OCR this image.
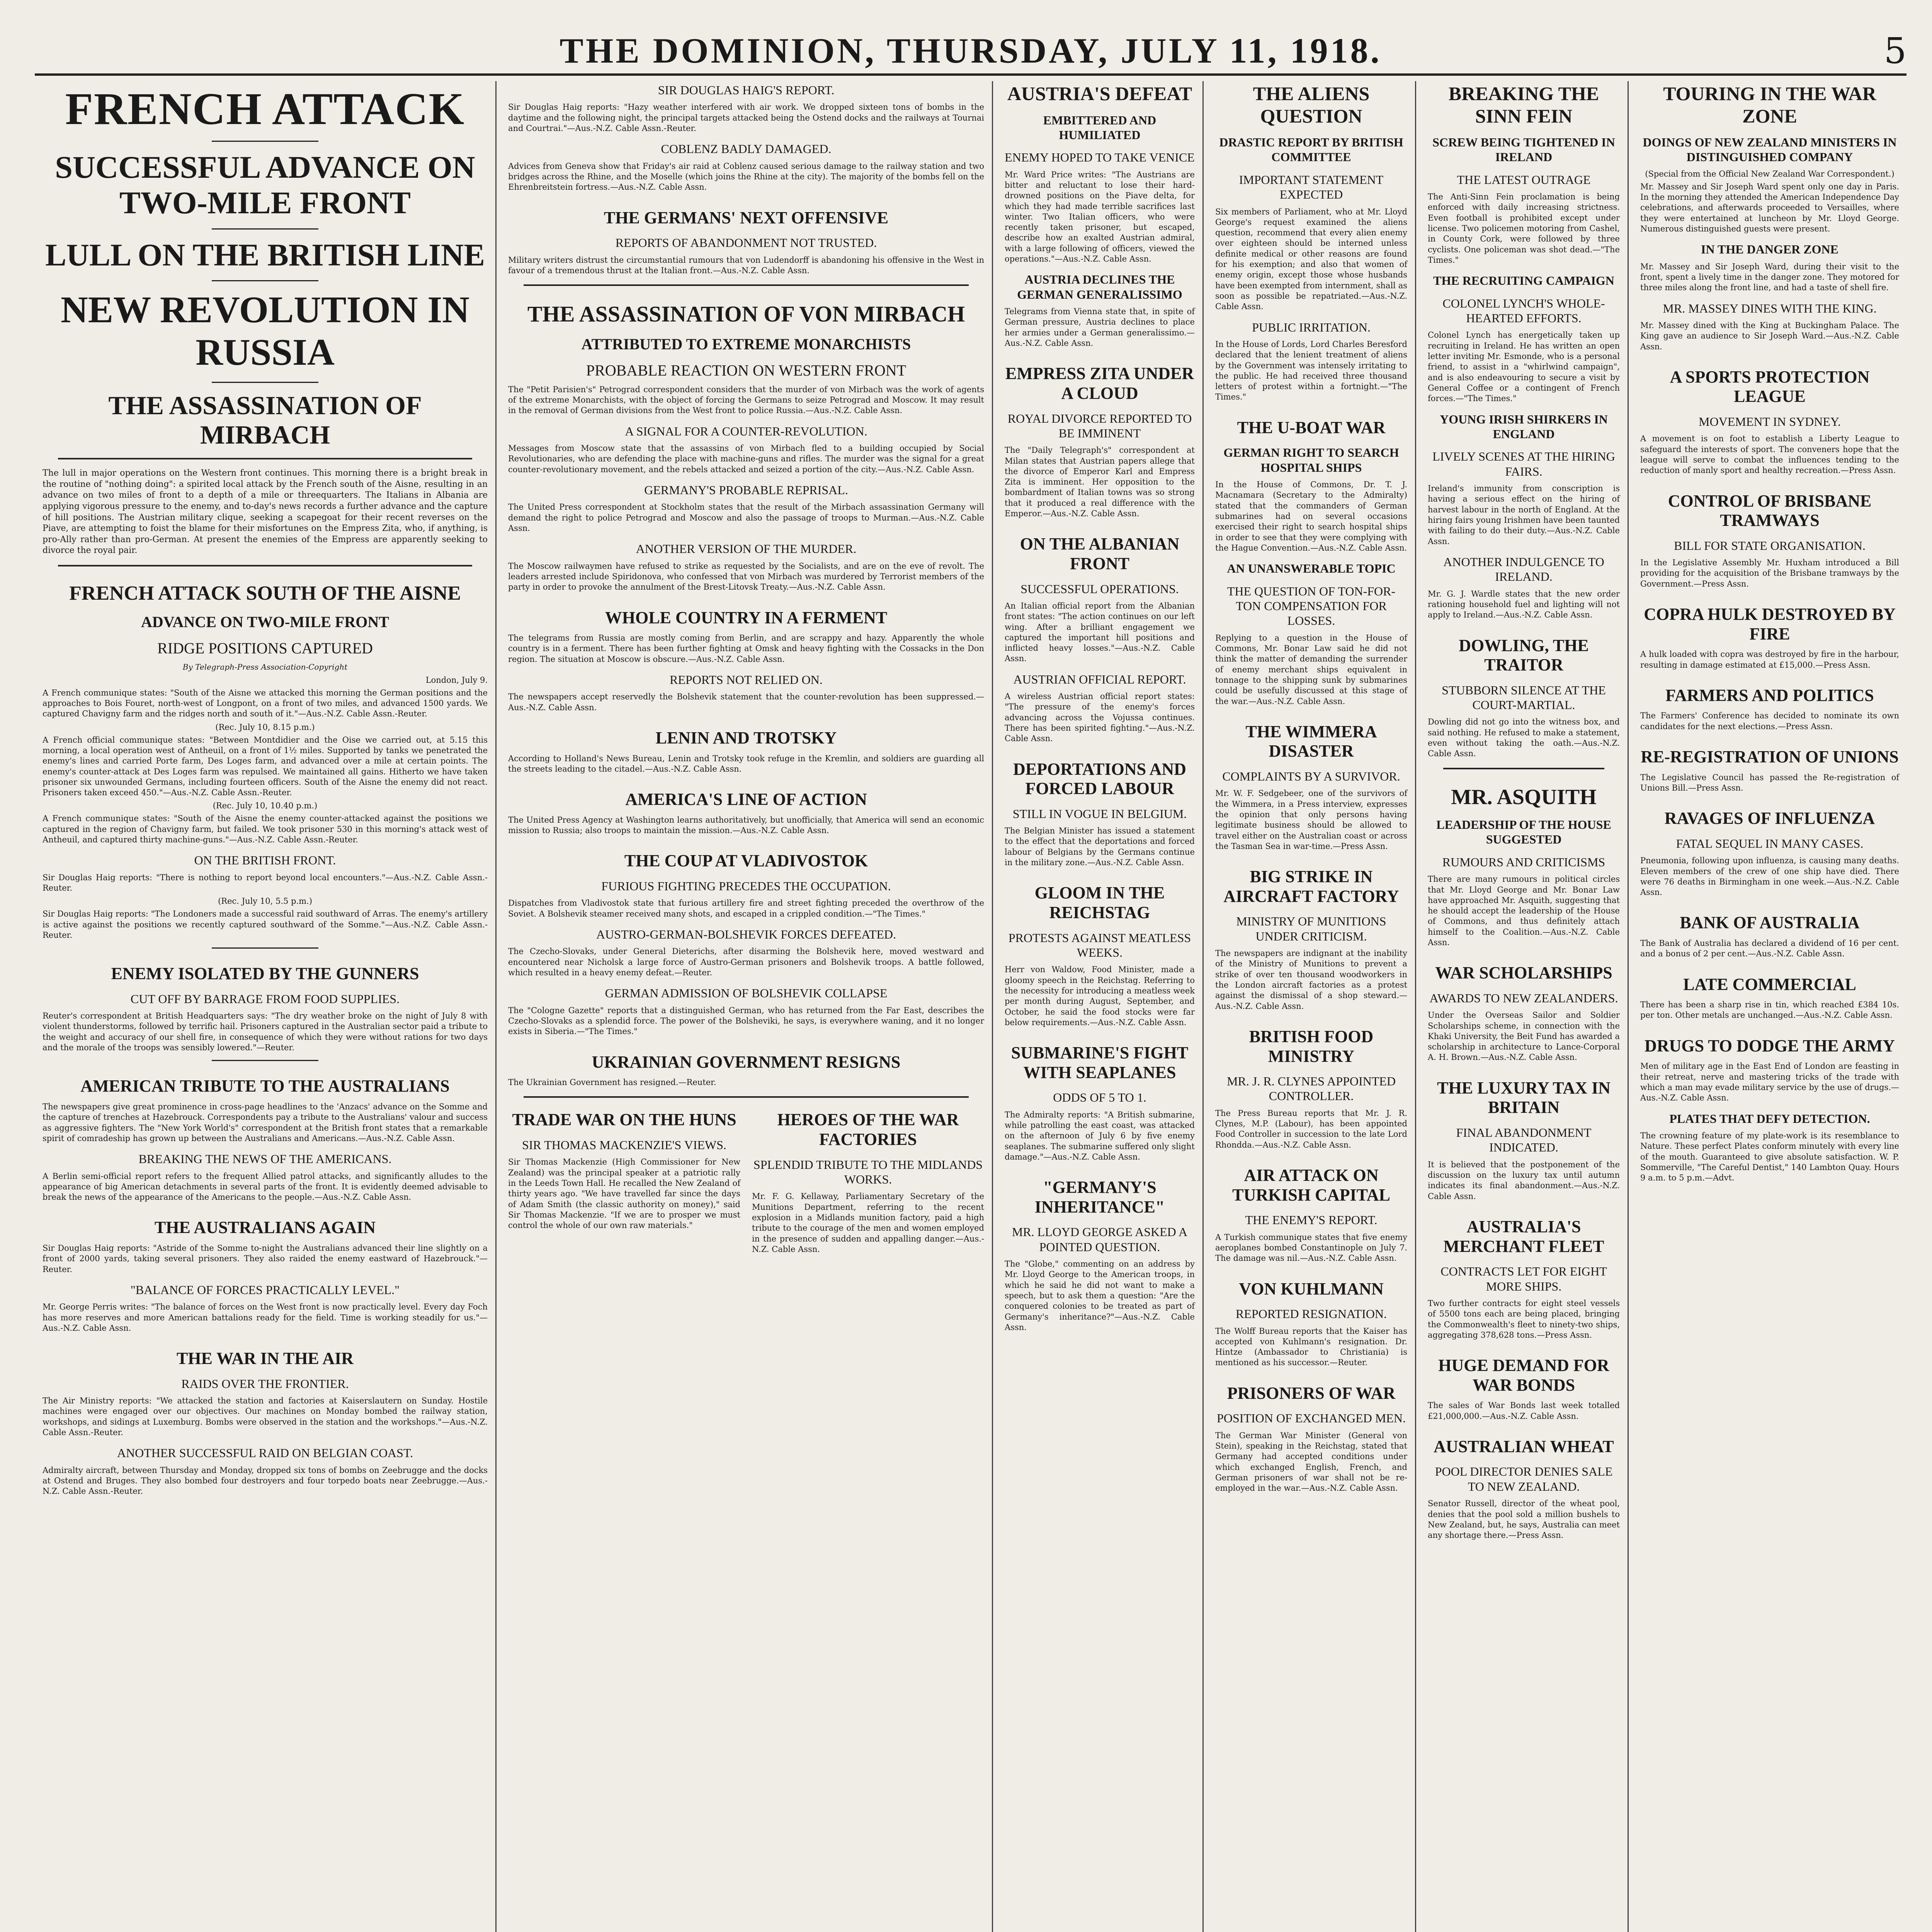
THE DOMINION, THURSDAY, JULY 11, 1918.	5
FRENCH ATTACK
SUCCESSFUL ADVANCE ON TWO-MILE FRONT
LULL ON THE BRITISH LINE
NEW REVOLUTION IN RUSSIA
THE ASSASSINATION OF MIRBACH

The lull in major operations on the Western front continues. This morning there is a bright break in the routine of "nothing doing": a spirited local attack by the French south of the Aisne, resulting in an advance on two miles of front to a depth of a mile or threequarters. The Italians in Albania are applying vigorous pressure to the enemy, and to-day's news records a further advance and the capture of hill positions. The Austrian military clique, seeking a scapegoat for their recent reverses on the Piave, are attempting to foist the blame for their misfortunes on the Empress Zita, who, if anything, is pro-Ally rather than pro-German. At present the enemies of the Empress are apparently seeking to divorce the royal pair.

FRENCH ATTACK SOUTH OF THE AISNE
ADVANCE ON TWO-MILE FRONT
RIDGE POSITIONS CAPTURED
By Telegraph-Press Association-Copyright
London, July 9.

A French communique states: "South of the Aisne we attacked this morning the German positions and the approaches to Bois Fouret, north-west of Longpont, on a front of two miles, and advanced 1500 yards. We captured Chavigny farm and the ridges north and south of it."—Aus.-N.Z. Cable Assn.-Reuter.

(Rec. July 10, 8.15 p.m.)

A French official communique states: "Between Montdidier and the Oise we carried out, at 5.15 this morning, a local operation west of Antheuil, on a front of 1½ miles. Supported by tanks we penetrated the enemy's lines and carried Porte farm, Des Loges farm, and advanced over a mile at certain points. The enemy's counter-attack at Des Loges farm was repulsed. We maintained all gains. Hitherto we have taken prisoner six unwounded Germans, including fourteen officers. South of the Aisne the enemy did not react. Prisoners taken exceed 450."—Aus.-N.Z. Cable Assn.-Reuter.

(Rec. July 10, 10.40 p.m.)

A French communique states: "South of the Aisne the enemy counter-attacked against the positions we captured in the region of Chavigny farm, but failed. We took prisoner 530 in this morning's attack west of Antheuil, and captured thirty machine-guns."—Aus.-N.Z. Cable Assn.-Reuter.

ON THE BRITISH FRONT.

Sir Douglas Haig reports: "There is nothing to report beyond local encounters."—Aus.-N.Z. Cable Assn.-Reuter.

(Rec. July 10, 5.5 p.m.)

Sir Douglas Haig reports: "The Londoners made a successful raid southward of Arras. The enemy's artillery is active against the positions we recently captured southward of the Somme."—Aus.-N.Z. Cable Assn.-Reuter.

ENEMY ISOLATED BY THE GUNNERS
CUT OFF BY BARRAGE FROM FOOD SUPPLIES.

Reuter's correspondent at British Headquarters says: "The dry weather broke on the night of July 8 with violent thunderstorms, followed by terrific hail. Prisoners captured in the Australian sector paid a tribute to the weight and accuracy of our shell fire, in consequence of which they were without rations for two days and the morale of the troops was sensibly lowered."—Reuter.

AMERICAN TRIBUTE TO THE AUSTRALIANS

The newspapers give great prominence in cross-page headlines to the 'Anzacs' advance on the Somme and the capture of trenches at Hazebrouck. Correspondents pay a tribute to the Australians' valour and success as aggressive fighters. The "New York World's" correspondent at the British front states that a remarkable spirit of comradeship has grown up between the Australians and Americans.—Aus.-N.Z. Cable Assn.

BREAKING THE NEWS OF THE AMERICANS.

A Berlin semi-official report refers to the frequent Allied patrol attacks, and significantly alludes to the appearance of big American detachments in several parts of the front. It is evidently deemed advisable to break the news of the appearance of the Americans to the people.—Aus.-N.Z. Cable Assn.

THE AUSTRALIANS AGAIN

Sir Douglas Haig reports: "Astride of the Somme to-night the Australians advanced their line slightly on a front of 2000 yards, taking several prisoners. They also raided the enemy eastward of Hazebrouck."—Reuter.

"BALANCE OF FORCES PRACTICALLY LEVEL."

Mr. George Perris writes: "The balance of forces on the West front is now practically level. Every day Foch has more reserves and more American battalions ready for the field. Time is working steadily for us."—Aus.-N.Z. Cable Assn.

THE WAR IN THE AIR
RAIDS OVER THE FRONTIER.

The Air Ministry reports: "We attacked the station and factories at Kaiserslautern on Sunday. Hostile machines were engaged over our objectives. Our machines on Monday bombed the railway station, workshops, and sidings at Luxemburg. Bombs were observed in the station and the workshops."—Aus.-N.Z. Cable Assn.-Reuter.

ANOTHER SUCCESSFUL RAID ON BELGIAN COAST.

Admiralty aircraft, between Thursday and Monday, dropped six tons of bombs on Zeebrugge and the docks at Ostend and Bruges. They also bombed four destroyers and four torpedo boats near Zeebrugge.—Aus.-N.Z. Cable Assn.-Reuter.

SIR DOUGLAS HAIG'S REPORT.

Sir Douglas Haig reports: "Hazy weather interfered with air work. We dropped sixteen tons of bombs in the daytime and the following night, the principal targets attacked being the Ostend docks and the railways at Tournai and Courtrai."—Aus.-N.Z. Cable Assn.-Reuter.

COBLENZ BADLY DAMAGED.

Advices from Geneva show that Friday's air raid at Coblenz caused serious damage to the railway station and two bridges across the Rhine, and the Moselle (which joins the Rhine at the city). The majority of the bombs fell on the Ehrenbreitstein fortress.—Aus.-N.Z. Cable Assn.

THE GERMANS' NEXT OFFENSIVE
REPORTS OF ABANDONMENT NOT TRUSTED.

Military writers distrust the circumstantial rumours that von Ludendorff is abandoning his offensive in the West in favour of a tremendous thrust at the Italian front.—Aus.-N.Z. Cable Assn.

THE ASSASSINATION OF VON MIRBACH
ATTRIBUTED TO EXTREME MONARCHISTS
PROBABLE REACTION ON WESTERN FRONT

The "Petit Parisien's" Petrograd correspondent considers that the murder of von Mirbach was the work of agents of the extreme Monarchists, with the object of forcing the Germans to seize Petrograd and Moscow. It may result in the removal of German divisions from the West front to police Russia.—Aus.-N.Z. Cable Assn.

A SIGNAL FOR A COUNTER-REVOLUTION.

Messages from Moscow state that the assassins of von Mirbach fled to a building occupied by Social Revolutionaries, who are defending the place with machine-guns and rifles. The murder was the signal for a great counter-revolutionary movement, and the rebels attacked and seized a portion of the city.—Aus.-N.Z. Cable Assn.

GERMANY'S PROBABLE REPRISAL.

The United Press correspondent at Stockholm states that the result of the Mirbach assassination Germany will demand the right to police Petrograd and Moscow and also the passage of troops to Murman.—Aus.-N.Z. Cable Assn.

ANOTHER VERSION OF THE MURDER.

The Moscow railwaymen have refused to strike as requested by the Socialists, and are on the eve of revolt. The leaders arrested include Spiridonova, who confessed that von Mirbach was murdered by Terrorist members of the party in order to provoke the annulment of the Brest-Litovsk Treaty.—Aus.-N.Z. Cable Assn.

WHOLE COUNTRY IN A FERMENT

The telegrams from Russia are mostly coming from Berlin, and are scrappy and hazy. Apparently the whole country is in a ferment. There has been further fighting at Omsk and heavy fighting with the Cossacks in the Don region. The situation at Moscow is obscure.—Aus.-N.Z. Cable Assn.

REPORTS NOT RELIED ON.

The newspapers accept reservedly the Bolshevik statement that the counter-revolution has been suppressed.—Aus.-N.Z. Cable Assn.

LENIN AND TROTSKY

According to Holland's News Bureau, Lenin and Trotsky took refuge in the Kremlin, and soldiers are guarding all the streets leading to the citadel.—Aus.-N.Z. Cable Assn.

AMERICA'S LINE OF ACTION

The United Press Agency at Washington learns authoritatively, but unofficially, that America will send an economic mission to Russia; also troops to maintain the mission.—Aus.-N.Z. Cable Assn.

THE COUP AT VLADIVOSTOK
FURIOUS FIGHTING PRECEDES THE OCCUPATION.

Dispatches from Vladivostok state that furious artillery fire and street fighting preceded the overthrow of the Soviet. A Bolshevik steamer received many shots, and escaped in a crippled condition.—"The Times."

AUSTRO-GERMAN-BOLSHEVIK FORCES DEFEATED.

The Czecho-Slovaks, under General Dieterichs, after disarming the Bolshevik here, moved westward and encountered near Nicholsk a large force of Austro-German prisoners and Bolshevik troops. A battle followed, which resulted in a heavy enemy defeat.—Reuter.

GERMAN ADMISSION OF BOLSHEVIK COLLAPSE

The "Cologne Gazette" reports that a distinguished German, who has returned from the Far East, describes the Czecho-Slovaks as a splendid force. The power of the Bolsheviki, he says, is everywhere waning, and it no longer exists in Siberia.—"The Times."

UKRAINIAN GOVERNMENT RESIGNS

The Ukrainian Government has resigned.—Reuter.

TRADE WAR ON THE HUNS
SIR THOMAS MACKENZIE'S VIEWS.

Sir Thomas Mackenzie (High Commissioner for New Zealand) was the principal speaker at a patriotic rally in the Leeds Town Hall. He recalled the New Zealand of thirty years ago. "We have travelled far since the days of Adam Smith (the classic authority on money)," said Sir Thomas Mackenzie. "If we are to prosper we must control the whole of our own raw materials."

HEROES OF THE WAR FACTORIES
SPLENDID TRIBUTE TO THE MIDLANDS WORKS.

Mr. F. G. Kellaway, Parliamentary Secretary of the Munitions Department, referring to the recent explosion in a Midlands munition factory, paid a high tribute to the courage of the men and women employed in the presence of sudden and appalling danger.—Aus.-N.Z. Cable Assn.

AUSTRIA'S DEFEAT
EMBITTERED AND HUMILIATED
ENEMY HOPED TO TAKE VENICE

Mr. Ward Price writes: "The Austrians are bitter and reluctant to lose their hard-drowned positions on the Piave delta, for which they had made terrible sacrifices last winter. Two Italian officers, who were recently taken prisoner, but escaped, describe how an exalted Austrian admiral, with a large following of officers, viewed the operations."—Aus.-N.Z. Cable Assn.

AUSTRIA DECLINES THE GERMAN GENERALISSIMO

Telegrams from Vienna state that, in spite of German pressure, Austria declines to place her armies under a German generalissimo.—Aus.-N.Z. Cable Assn.

EMPRESS ZITA UNDER A CLOUD
ROYAL DIVORCE REPORTED TO BE IMMINENT

The "Daily Telegraph's" correspondent at Milan states that Austrian papers allege that the divorce of Emperor Karl and Empress Zita is imminent. Her opposition to the bombardment of Italian towns was so strong that it produced a real difference with the Emperor.—Aus.-N.Z. Cable Assn.

ON THE ALBANIAN FRONT
SUCCESSFUL OPERATIONS.

An Italian official report from the Albanian front states: "The action continues on our left wing. After a brilliant engagement we captured the important hill positions and inflicted heavy losses."—Aus.-N.Z. Cable Assn.

AUSTRIAN OFFICIAL REPORT.

A wireless Austrian official report states: "The pressure of the enemy's forces advancing across the Vojussa continues. There has been spirited fighting."—Aus.-N.Z. Cable Assn.

DEPORTATIONS AND FORCED LABOUR
STILL IN VOGUE IN BELGIUM.

The Belgian Minister has issued a statement to the effect that the deportations and forced labour of Belgians by the Germans continue in the military zone.—Aus.-N.Z. Cable Assn.

GLOOM IN THE REICHSTAG
PROTESTS AGAINST MEATLESS WEEKS.

Herr von Waldow, Food Minister, made a gloomy speech in the Reichstag. Referring to the necessity for introducing a meatless week per month during August, September, and October, he said the food stocks were far below requirements.—Aus.-N.Z. Cable Assn.

SUBMARINE'S FIGHT WITH SEAPLANES
ODDS OF 5 TO 1.

The Admiralty reports: "A British submarine, while patrolling the east coast, was attacked on the afternoon of July 6 by five enemy seaplanes. The submarine suffered only slight damage."—Aus.-N.Z. Cable Assn.

"GERMANY'S INHERITANCE"
MR. LLOYD GEORGE ASKED A POINTED QUESTION.

The "Globe," commenting on an address by Mr. Lloyd George to the American troops, in which he said he did not want to make a speech, but to ask them a question: "Are the conquered colonies to be treated as part of Germany's inheritance?"—Aus.-N.Z. Cable Assn.

THE ALIENS QUESTION
DRASTIC REPORT BY BRITISH COMMITTEE
IMPORTANT STATEMENT EXPECTED

Six members of Parliament, who at Mr. Lloyd George's request examined the aliens question, recommend that every alien enemy over eighteen should be interned unless definite medical or other reasons are found for his exemption; and also that women of enemy origin, except those whose husbands have been exempted from internment, shall as soon as possible be repatriated.—Aus.-N.Z. Cable Assn.

PUBLIC IRRITATION.

In the House of Lords, Lord Charles Beresford declared that the lenient treatment of aliens by the Government was intensely irritating to the public. He had received three thousand letters of protest within a fortnight.—"The Times."

THE U-BOAT WAR
GERMAN RIGHT TO SEARCH HOSPITAL SHIPS

In the House of Commons, Dr. T. J. Macnamara (Secretary to the Admiralty) stated that the commanders of German submarines had on several occasions exercised their right to search hospital ships in order to see that they were complying with the Hague Convention.—Aus.-N.Z. Cable Assn.

AN UNANSWERABLE TOPIC
THE QUESTION OF TON-FOR-TON COMPENSATION FOR LOSSES.

Replying to a question in the House of Commons, Mr. Bonar Law said he did not think the matter of demanding the surrender of enemy merchant ships equivalent in tonnage to the shipping sunk by submarines could be usefully discussed at this stage of the war.—Aus.-N.Z. Cable Assn.

THE WIMMERA DISASTER
COMPLAINTS BY A SURVIVOR.

Mr. W. F. Sedgebeer, one of the survivors of the Wimmera, in a Press interview, expresses the opinion that only persons having legitimate business should be allowed to travel either on the Australian coast or across the Tasman Sea in war-time.—Press Assn.

BIG STRIKE IN AIRCRAFT FACTORY
MINISTRY OF MUNITIONS UNDER CRITICISM.

The newspapers are indignant at the inability of the Ministry of Munitions to prevent a strike of over ten thousand woodworkers in the London aircraft factories as a protest against the dismissal of a shop steward.—Aus.-N.Z. Cable Assn.

BRITISH FOOD MINISTRY
MR. J. R. CLYNES APPOINTED CONTROLLER.

The Press Bureau reports that Mr. J. R. Clynes, M.P. (Labour), has been appointed Food Controller in succession to the late Lord Rhondda.—Aus.-N.Z. Cable Assn.

AIR ATTACK ON TURKISH CAPITAL
THE ENEMY'S REPORT.

A Turkish communique states that five enemy aeroplanes bombed Constantinople on July 7. The damage was nil.—Aus.-N.Z. Cable Assn.

VON KUHLMANN
REPORTED RESIGNATION.

The Wolff Bureau reports that the Kaiser has accepted von Kuhlmann's resignation. Dr. Hintze (Ambassador to Christiania) is mentioned as his successor.—Reuter.

PRISONERS OF WAR
POSITION OF EXCHANGED MEN.

The German War Minister (General von Stein), speaking in the Reichstag, stated that Germany had accepted conditions under which exchanged English, French, and German prisoners of war shall not be re-employed in the war.—Aus.-N.Z. Cable Assn.

BREAKING THE SINN FEIN
SCREW BEING TIGHTENED IN IRELAND
THE LATEST OUTRAGE

The Anti-Sinn Fein proclamation is being enforced with daily increasing strictness. Even football is prohibited except under license. Two policemen motoring from Cashel, in County Cork, were followed by three cyclists. One policeman was shot dead.—"The Times."

THE RECRUITING CAMPAIGN
COLONEL LYNCH'S WHOLE-HEARTED EFFORTS.

Colonel Lynch has energetically taken up recruiting in Ireland. He has written an open letter inviting Mr. Esmonde, who is a personal friend, to assist in a "whirlwind campaign", and is also endeavouring to secure a visit by General Coffee or a contingent of French forces.—"The Times."

YOUNG IRISH SHIRKERS IN ENGLAND
LIVELY SCENES AT THE HIRING FAIRS.

Ireland's immunity from conscription is having a serious effect on the hiring of harvest labour in the north of England. At the hiring fairs young Irishmen have been taunted with failing to do their duty.—Aus.-N.Z. Cable Assn.

ANOTHER INDULGENCE TO IRELAND.

Mr. G. J. Wardle states that the new order rationing household fuel and lighting will not apply to Ireland.—Aus.-N.Z. Cable Assn.

DOWLING, THE TRAITOR
STUBBORN SILENCE AT THE COURT-MARTIAL.

Dowling did not go into the witness box, and said nothing. He refused to make a statement, even without taking the oath.—Aus.-N.Z. Cable Assn.

MR. ASQUITH
LEADERSHIP OF THE HOUSE SUGGESTED
RUMOURS AND CRITICISMS

There are many rumours in political circles that Mr. Lloyd George and Mr. Bonar Law have approached Mr. Asquith, suggesting that he should accept the leadership of the House of Commons, and thus definitely attach himself to the Coalition.—Aus.-N.Z. Cable Assn.

WAR SCHOLARSHIPS
AWARDS TO NEW ZEALANDERS.

Under the Overseas Sailor and Soldier Scholarships scheme, in connection with the Khaki University, the Beit Fund has awarded a scholarship in architecture to Lance-Corporal A. H. Brown.—Aus.-N.Z. Cable Assn.

THE LUXURY TAX IN BRITAIN
FINAL ABANDONMENT INDICATED.

It is believed that the postponement of the discussion on the luxury tax until autumn indicates its final abandonment.—Aus.-N.Z. Cable Assn.

AUSTRALIA'S MERCHANT FLEET
CONTRACTS LET FOR EIGHT MORE SHIPS.

Two further contracts for eight steel vessels of 5500 tons each are being placed, bringing the Commonwealth's fleet to ninety-two ships, aggregating 378,628 tons.—Press Assn.

HUGE DEMAND FOR WAR BONDS

The sales of War Bonds last week totalled £21,000,000.—Aus.-N.Z. Cable Assn.

AUSTRALIAN WHEAT
POOL DIRECTOR DENIES SALE TO NEW ZEALAND.

Senator Russell, director of the wheat pool, denies that the pool sold a million bushels to New Zealand, but, he says, Australia can meet any shortage there.—Press Assn.

TOURING IN THE WAR ZONE
DOINGS OF NEW ZEALAND MINISTERS IN DISTINGUISHED COMPANY
(Special from the Official New Zealand War Correspondent.)

Mr. Massey and Sir Joseph Ward spent only one day in Paris. In the morning they attended the American Independence Day celebrations, and afterwards proceeded to Versailles, where they were entertained at luncheon by Mr. Lloyd George. Numerous distinguished guests were present.

IN THE DANGER ZONE

Mr. Massey and Sir Joseph Ward, during their visit to the front, spent a lively time in the danger zone. They motored for three miles along the front line, and had a taste of shell fire.

MR. MASSEY DINES WITH THE KING.

Mr. Massey dined with the King at Buckingham Palace. The King gave an audience to Sir Joseph Ward.—Aus.-N.Z. Cable Assn.

A SPORTS PROTECTION LEAGUE
MOVEMENT IN SYDNEY.

A movement is on foot to establish a Liberty League to safeguard the interests of sport. The conveners hope that the league will serve to combat the influences tending to the reduction of manly sport and healthy recreation.—Press Assn.

CONTROL OF BRISBANE TRAMWAYS
BILL FOR STATE ORGANISATION.

In the Legislative Assembly Mr. Huxham introduced a Bill providing for the acquisition of the Brisbane tramways by the Government.—Press Assn.

COPRA HULK DESTROYED BY FIRE

A hulk loaded with copra was destroyed by fire in the harbour, resulting in damage estimated at £15,000.—Press Assn.

FARMERS AND POLITICS

The Farmers' Conference has decided to nominate its own candidates for the next elections.—Press Assn.

RE-REGISTRATION OF UNIONS

The Legislative Council has passed the Re-registration of Unions Bill.—Press Assn.

RAVAGES OF INFLUENZA
FATAL SEQUEL IN MANY CASES.

Pneumonia, following upon influenza, is causing many deaths. Eleven members of the crew of one ship have died. There were 76 deaths in Birmingham in one week.—Aus.-N.Z. Cable Assn.

BANK OF AUSTRALIA

The Bank of Australia has declared a dividend of 16 per cent. and a bonus of 2 per cent.—Aus.-N.Z. Cable Assn.

LATE COMMERCIAL

There has been a sharp rise in tin, which reached £384 10s. per ton. Other metals are unchanged.—Aus.-N.Z. Cable Assn.

DRUGS TO DODGE THE ARMY

Men of military age in the East End of London are feasting in their retreat, nerve and mastering tricks of the trade with which a man may evade military service by the use of drugs.—Aus.-N.Z. Cable Assn.

PLATES THAT DEFY DETECTION.

The crowning feature of my plate-work is its resemblance to Nature. These perfect Plates conform minutely with every line of the mouth. Guaranteed to give absolute satisfaction. W. P. Sommerville, "The Careful Dentist," 140 Lambton Quay. Hours 9 a.m. to 5 p.m.—Advt.
